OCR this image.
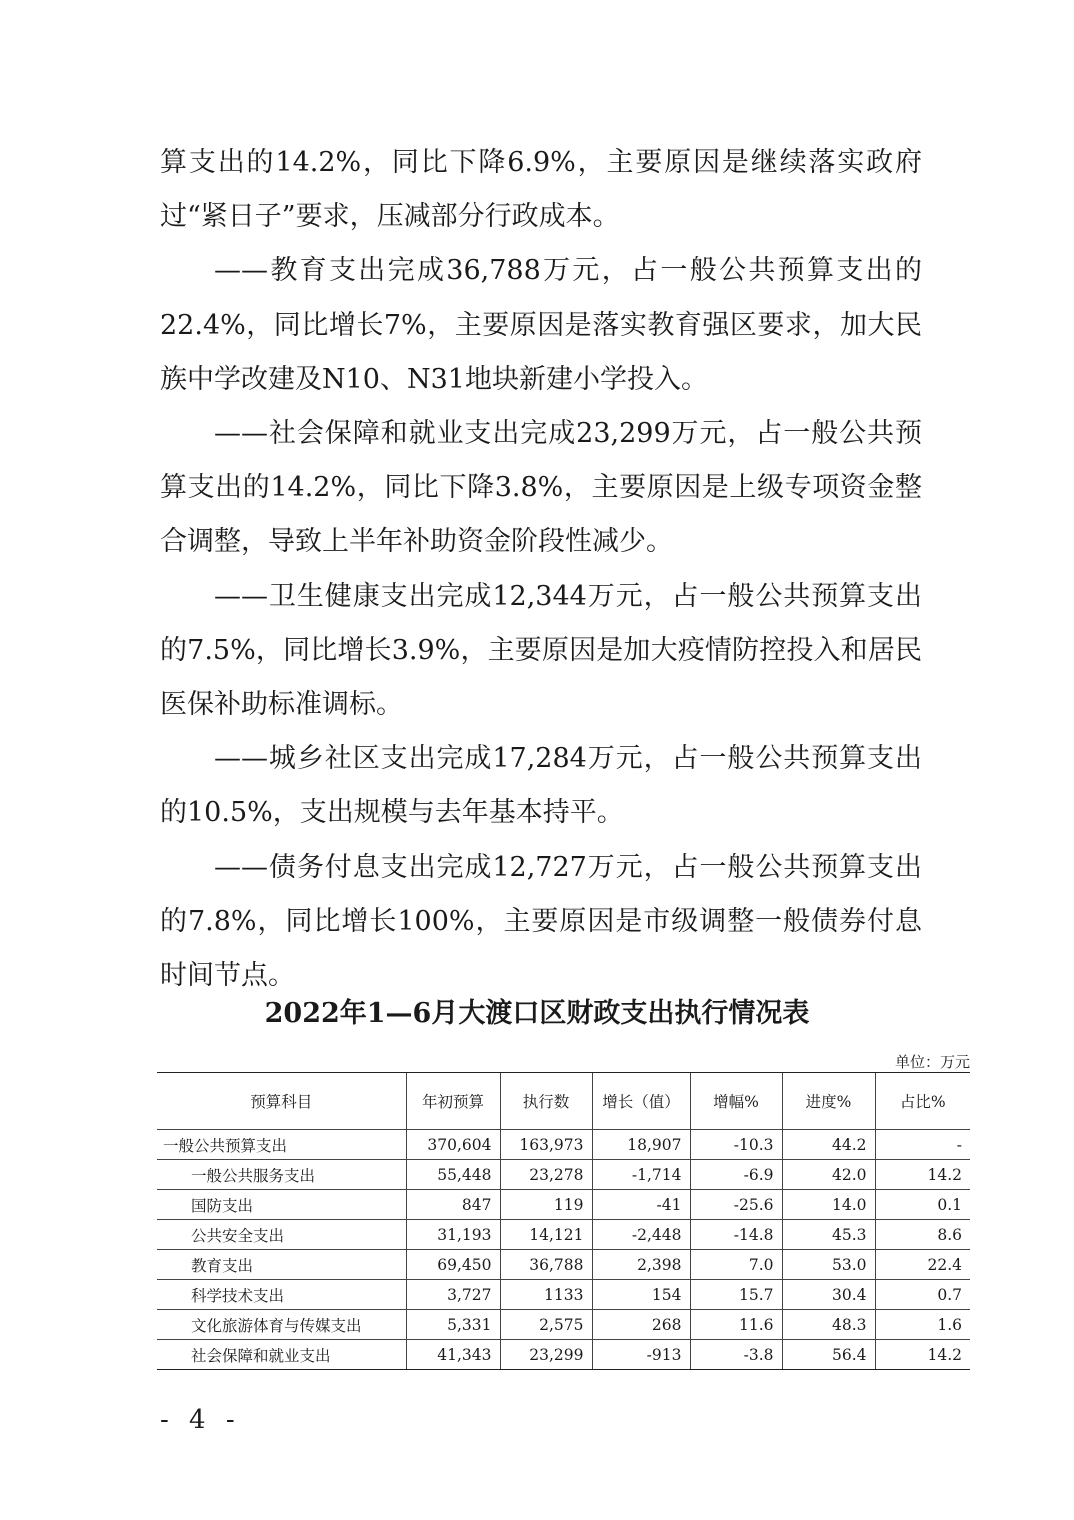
算支出的14.2%，同比下降6.9%，主要原因是继续落实政府过“紧日子”要求，压减部分行政成本。

——教育支出完成36,788万元，占一般公共预算支出的22.4%，同比增长7%，主要原因是落实教育强区要求，加大民族中学改建及N10、N31地块新建小学投入。

——社会保障和就业支出完成23,299万元，占一般公共预算支出的14.2%，同比下降3.8%，主要原因是上级专项资金整合调整，导致上半年补助资金阶段性减少。

——卫生健康支出完成12,344万元，占一般公共预算支出的7.5%，同比增长3.9%，主要原因是加大疫情防控投入和居民医保补助标准调标。

——城乡社区支出完成17,284万元，占一般公共预算支出的10.5%，支出规模与去年基本持平。

——债务付息支出完成12,727万元，占一般公共预算支出的7.8%，同比增长100%，主要原因是市级调整一般债券付息时间节点。

2022年1—6月大渡口区财政支出执行情况表
单位：万元
预算科目	年初预算	执行数	增长（值）	增幅%	进度%	占比%
一般公共预算支出	370,604	163,973	18,907	-10.3	44.2	-
一般公共服务支出	55,448	23,278	-1,714	-6.9	42.0	14.2
国防支出	847	119	-41	-25.6	14.0	0.1
公共安全支出	31,193	14,121	-2,448	-14.8	45.3	8.6
教育支出	69,450	36,788	2,398	7.0	53.0	22.4
科学技术支出	3,727	1133	154	15.7	30.4	0.7
文化旅游体育与传媒支出	5,331	2,575	268	11.6	48.3	1.6
社会保障和就业支出	41,343	23,299	-913	-3.8	56.4	14.2
- 4 -
